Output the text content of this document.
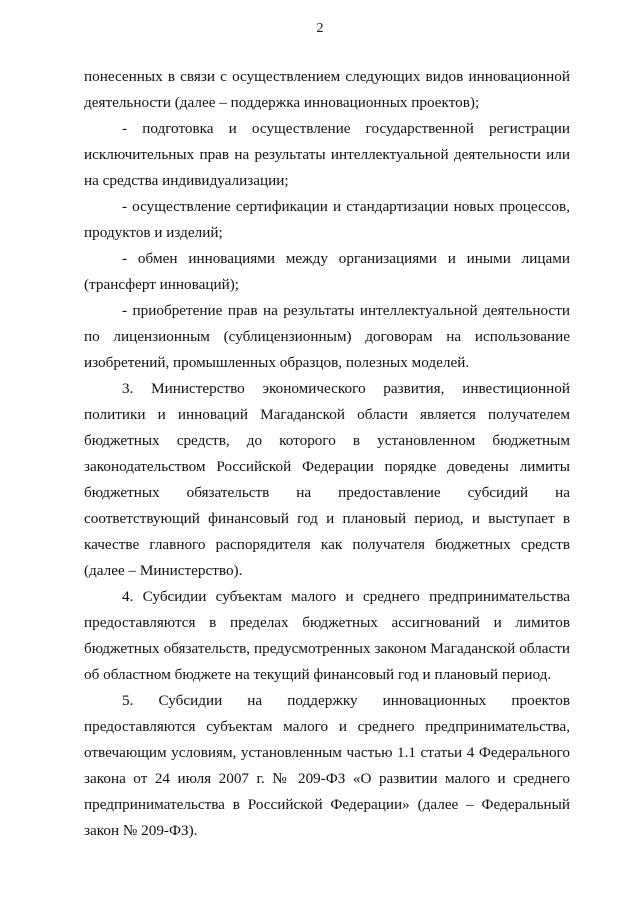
2

понесенных в связи с осуществлением следующих видов инновационной деятельности (далее – поддержка инновационных проектов);

- подготовка и осуществление государственной регистрации исключительных прав на результаты интеллектуальной деятельности или на средства индивидуализации;

- осуществление сертификации и стандартизации новых процессов, продуктов и изделий;

- обмен инновациями между организациями и иными лицами (трансферт инноваций);

- приобретение прав на результаты интеллектуальной деятельности по лицензионным (сублицензионным) договорам на использование изобретений, промышленных образцов, полезных моделей.

3. Министерство экономического развития, инвестиционной политики и инноваций Магаданской области является получателем бюджетных средств, до которого в установленном бюджетным законодательством Российской Федерации порядке доведены лимиты бюджетных обязательств на предоставление субсидий на соответствующий финансовый год и плановый период, и выступает в качестве главного распорядителя как получателя бюджетных средств (далее – Министерство).

4. Субсидии субъектам малого и среднего предпринимательства предоставляются в пределах бюджетных ассигнований и лимитов бюджетных обязательств, предусмотренных законом Магаданской области об областном бюджете на текущий финансовый год и плановый период.

5. Субсидии на поддержку инновационных проектов предоставляются субъектам малого и среднего предпринимательства, отвечающим условиям, установленным частью 1.1 статьи 4 Федерального закона от 24 июля 2007 г. № 209-ФЗ «О развитии малого и среднего предпринимательства в Российской Федерации» (далее – Федеральный закон № 209-ФЗ).
